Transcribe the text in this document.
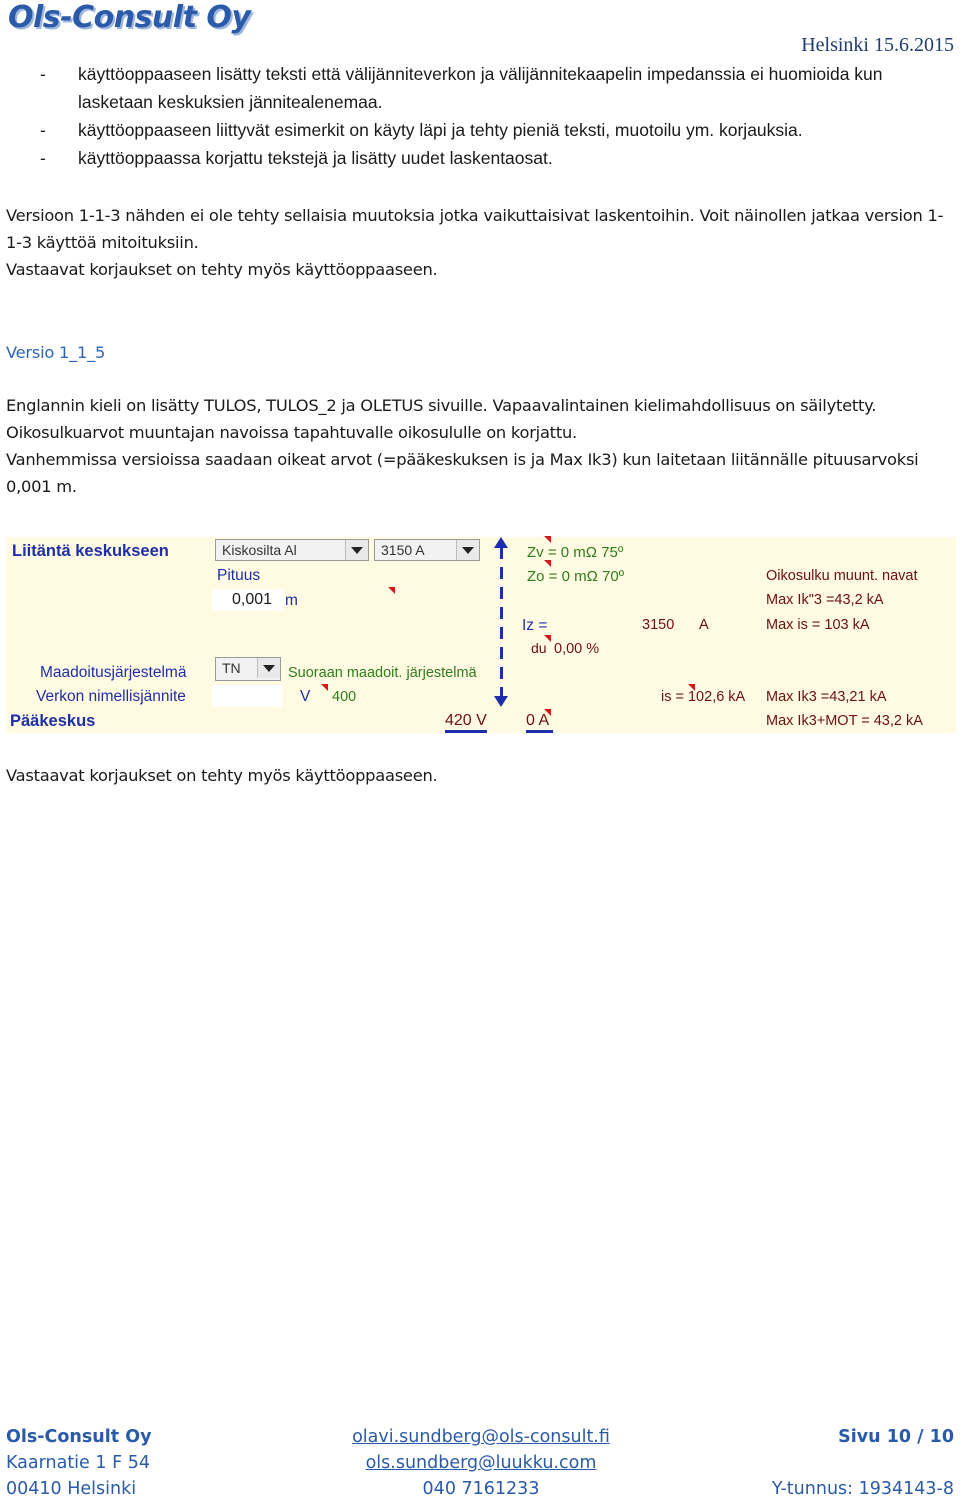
Ols-Consult Oy
Helsinki 15.6.2015
- käyttöoppaaseen lisätty teksti että välijänniteverkon ja välijännitekaapelin impedanssia ei huomioida kun lasketaan keskuksien jännitealenemaa.
- käyttöoppaaseen liittyvät esimerkit on käyty läpi ja tehty pieniä teksti, muotoilu ym. korjauksia.
- käyttöoppaassa korjattu tekstejä ja lisätty uudet laskentaosat.

Versioon 1-1-3 nähden ei ole tehty sellaisia muutoksia jotka vaikuttaisivat laskentoihin. Voit näinollen jatkaa version 1-1-3 käyttöä mitoituksiin.

Vastaavat korjaukset on tehty myös käyttöoppaaseen.

Versio 1_1_5

Englannin kieli on lisätty TULOS, TULOS_2 ja OLETUS sivuille. Vapaavalintainen kielimahdollisuus on säilytetty.

Oikosulkuarvot muuntajan navoissa tapahtuvalle oikosululle on korjattu.

Vanhemmissa versioissa saadaan oikeat arvot (=pääkeskuksen is ja Max Ik3) kun laitetaan liitännälle pituusarvoksi 0,001 m.

Liitäntä keskukseen	Kiskosilta Al	3150 A	Zv = 0 mΩ 75º
Zo = 0 mΩ 70º
Pituus
0,001 m
Oikosulku muunt. navat
Max Ik"3 =43,2 kA
Iz =	3150 A	Max is = 103 kA
du 0,00 %
Maadoitusjärjestelmä	TN	Suoraan maadoit. järjestelmä
Verkon nimellisjännite	V 400	is = 102,6 kA Max Ik3 =43,21 kA
Pääkeskus	420 V 0 A	Max Ik3+MOT = 43,2 kA
Vastaavat korjaukset on tehty myös käyttöoppaaseen.
Ols-Consult Oy
Kaarnatie 1 F 54
00410 Helsinki
olavi.sundberg@ols-consult.fi
ols.sundberg@luukku.com
040 7161233
Sivu 10 / 10

Y-tunnus: 1934143-8
